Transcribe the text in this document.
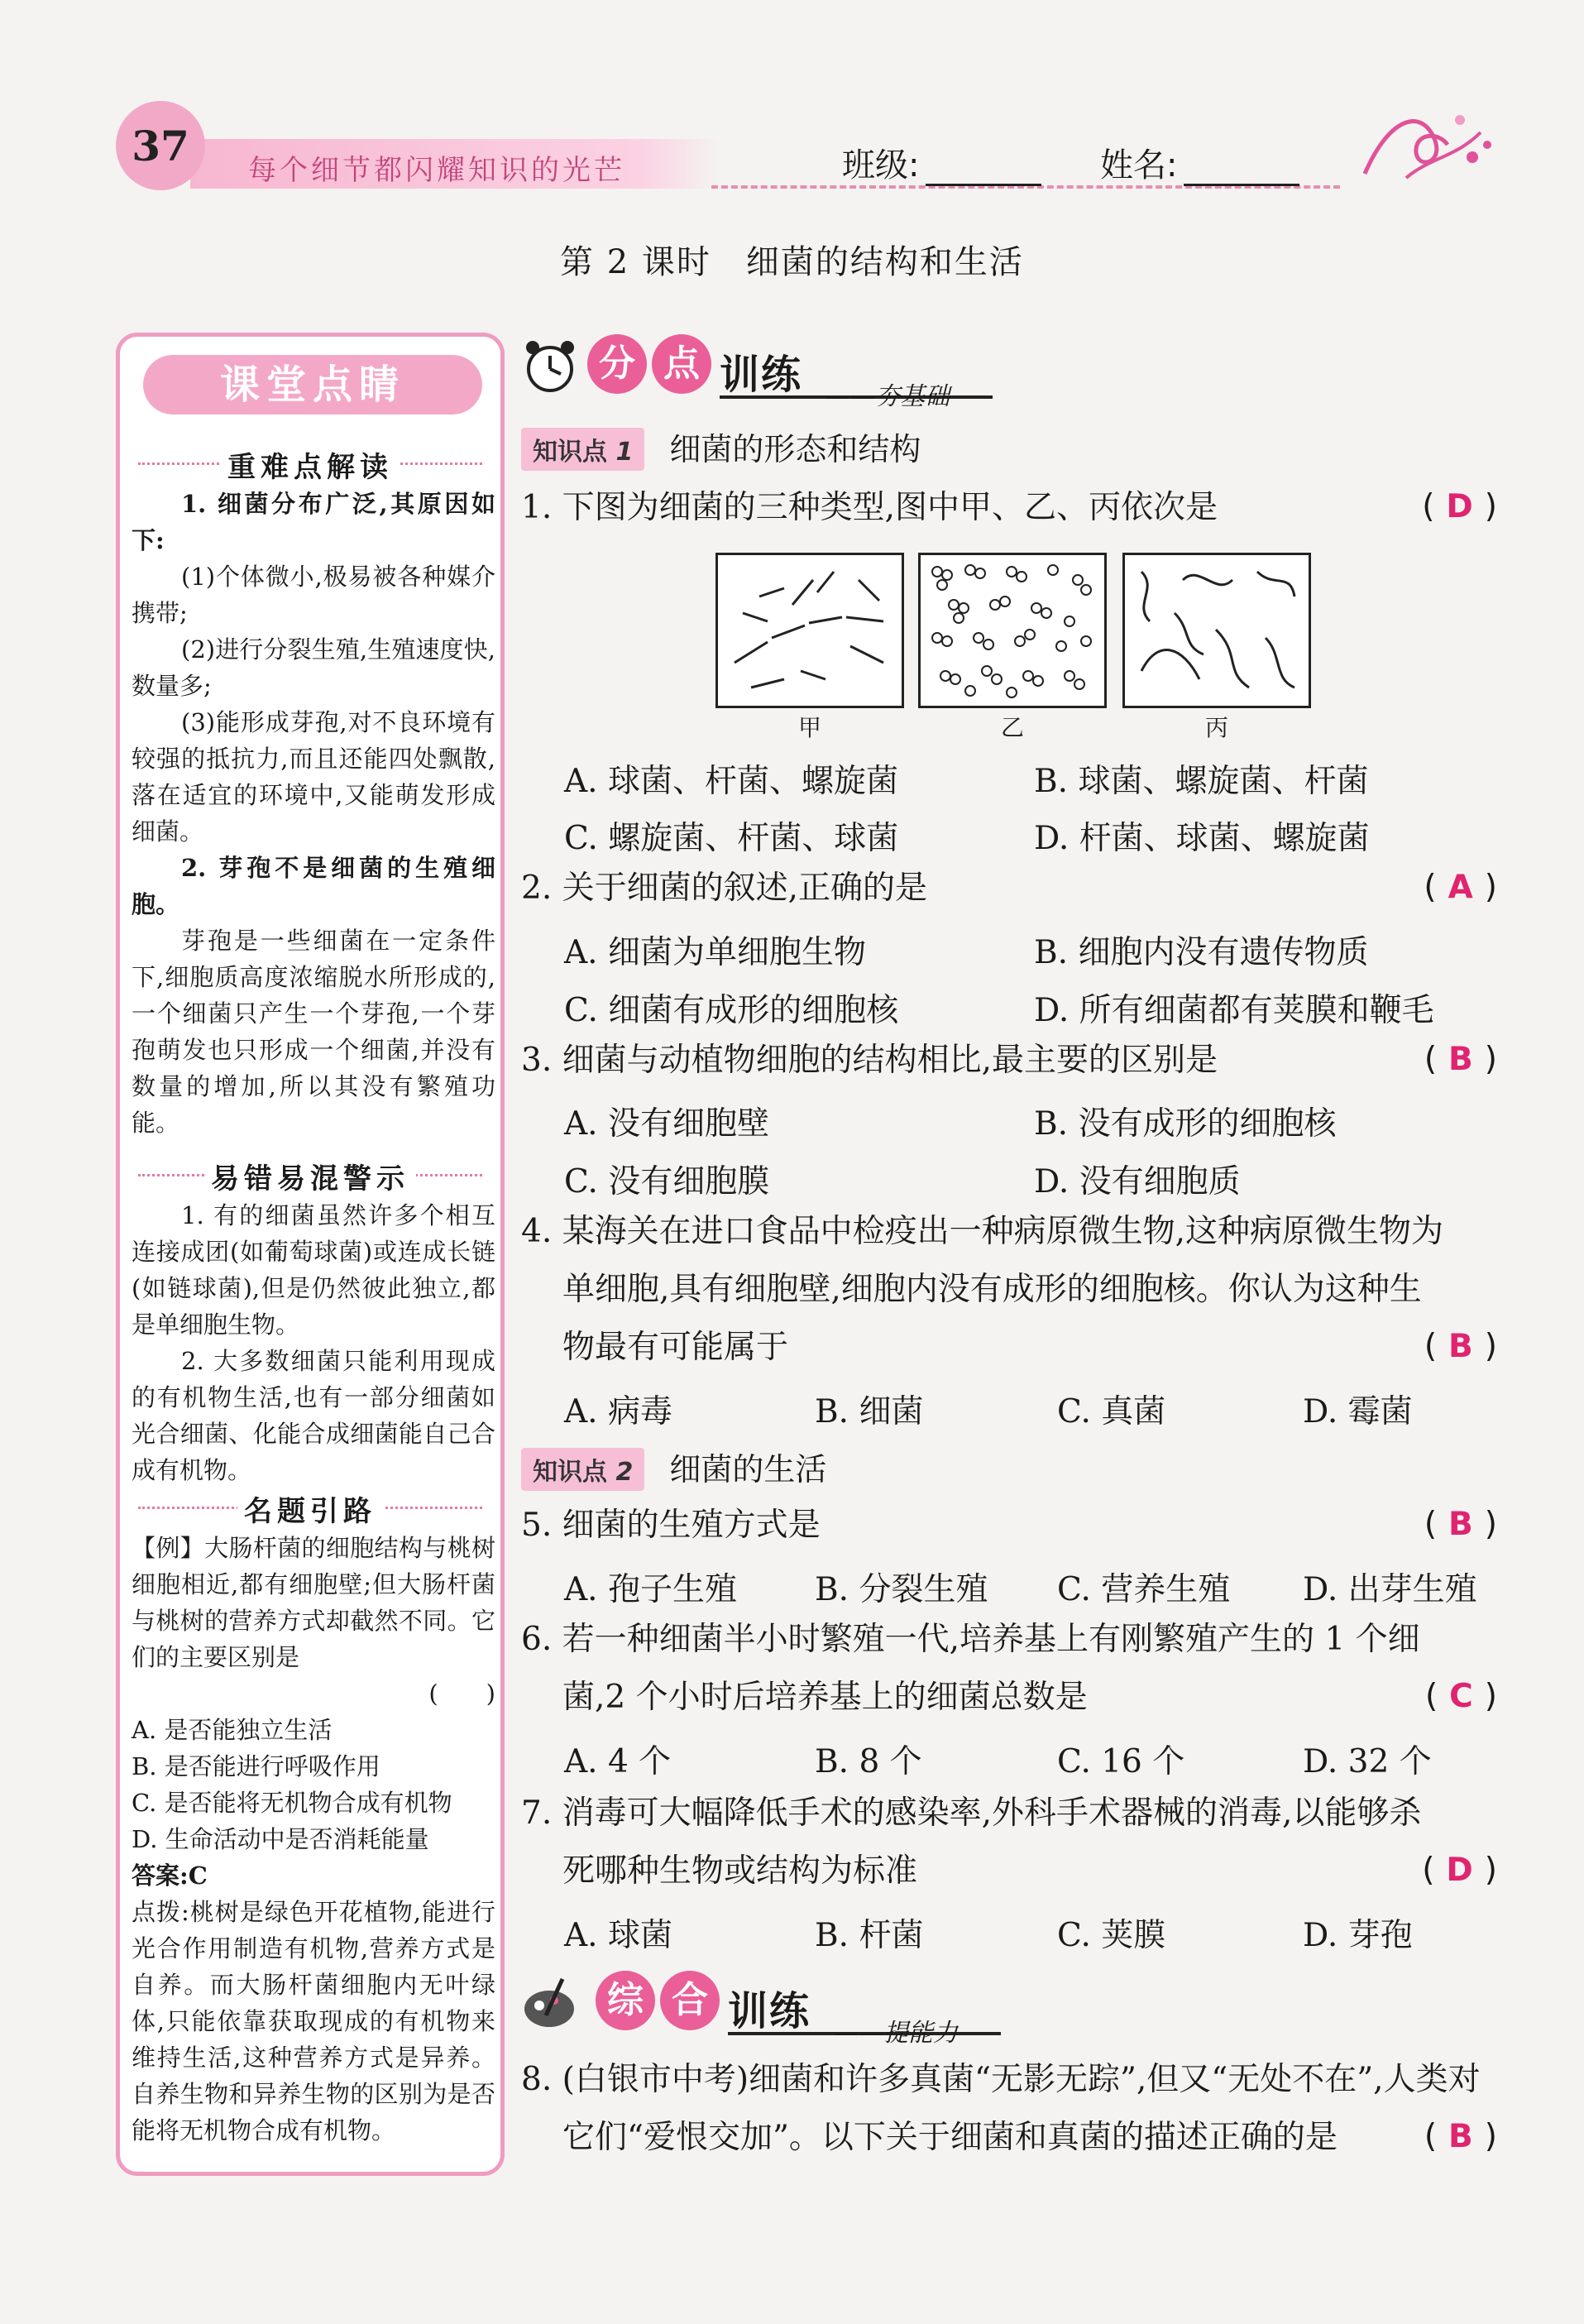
每个细节都闪耀知识的光芒
37	班级:	姓名:
第 2 课时　细菌的结构和生活
课堂点睛
重难点解读

1. 细菌分布广泛,其原因如下:

(1)个体微小,极易被各种媒介携带;

(2)进行分裂生殖,生殖速度快,数量多;

(3)能形成芽孢,对不良环境有较强的抵抗力,而且还能四处飘散,落在适宜的环境中,又能萌发形成细菌。

2. 芽孢不是细菌的生殖细胞。

芽孢是一些细菌在一定条件下,细胞质高度浓缩脱水所形成的,一个细菌只产生一个芽孢,一个芽孢萌发也只形成一个细菌,并没有数量的增加,所以其没有繁殖功能。

易错易混警示

1. 有的细菌虽然许多个相互连接成团(如葡萄球菌)或连成长链(如链球菌),但是仍然彼此独立,都是单细胞生物。

2. 大多数细菌只能利用现成的有机物生活,也有一部分细菌如光合细菌、化能合成细菌能自己合成有机物。

名题引路

【例】大肠杆菌的细胞结构与桃树细胞相近,都有细胞壁;但大肠杆菌与桃树的营养方式却截然不同。它们的主要区别是

(　　)

A. 是否能独立生活

B. 是否能进行呼吸作用

C. 是否能将无机物合成有机物

D. 生命活动中是否消耗能量

答案:C

点拨:桃树是绿色开花植物,能进行光合作用制造有机物,营养方式是自养。而大肠杆菌细胞内无叶绿体,只能依靠获取现成的有机物来维持生活,这种营养方式是异养。自养生物和异养生物的区别为是否能将无机物合成有机物。

分 点 训练 ——夯基础
知识点 1 细菌的形态和结构
1. 下图为细菌的三种类型,图中甲、乙、丙依次是	( D )
甲	乙	丙
A. 球菌、杆菌、螺旋菌	B. 球菌、螺旋菌、杆菌
C. 螺旋菌、杆菌、球菌	D. 杆菌、球菌、螺旋菌
2. 关于细菌的叙述,正确的是	( A )
A. 细菌为单细胞生物	B. 细胞内没有遗传物质
C. 细菌有成形的细胞核	D. 所有细菌都有荚膜和鞭毛
3. 细菌与动植物细胞的结构相比,最主要的区别是	( B )
A. 没有细胞壁	B. 没有成形的细胞核
C. 没有细胞膜	D. 没有细胞质
4. 某海关在进口食品中检疫出一种病原微生物,这种病原微生物为
单细胞,具有细胞壁,细胞内没有成形的细胞核。你认为这种生
物最有可能属于	( B )
A. 病毒	B. 细菌	C. 真菌	D. 霉菌
知识点 2 细菌的生活
5. 细菌的生殖方式是	( B )
A. 孢子生殖 B. 分裂生殖 C. 营养生殖 D. 出芽生殖
6. 若一种细菌半小时繁殖一代,培养基上有刚繁殖产生的 1 个细
菌,2 个小时后培养基上的细菌总数是	( C )
A. 4 个	B. 8 个	C. 16 个	D. 32 个
7. 消毒可大幅降低手术的感染率,外科手术器械的消毒,以能够杀
死哪种生物或结构为标准	( D )
A. 球菌	B. 杆菌	C. 荚膜	D. 芽孢
综 合 训练 ——提能力
8. (白银市中考)细菌和许多真菌“无影无踪”,但又“无处不在”,人类对
它们“爱恨交加”。以下关于细菌和真菌的描述正确的是	( B )
